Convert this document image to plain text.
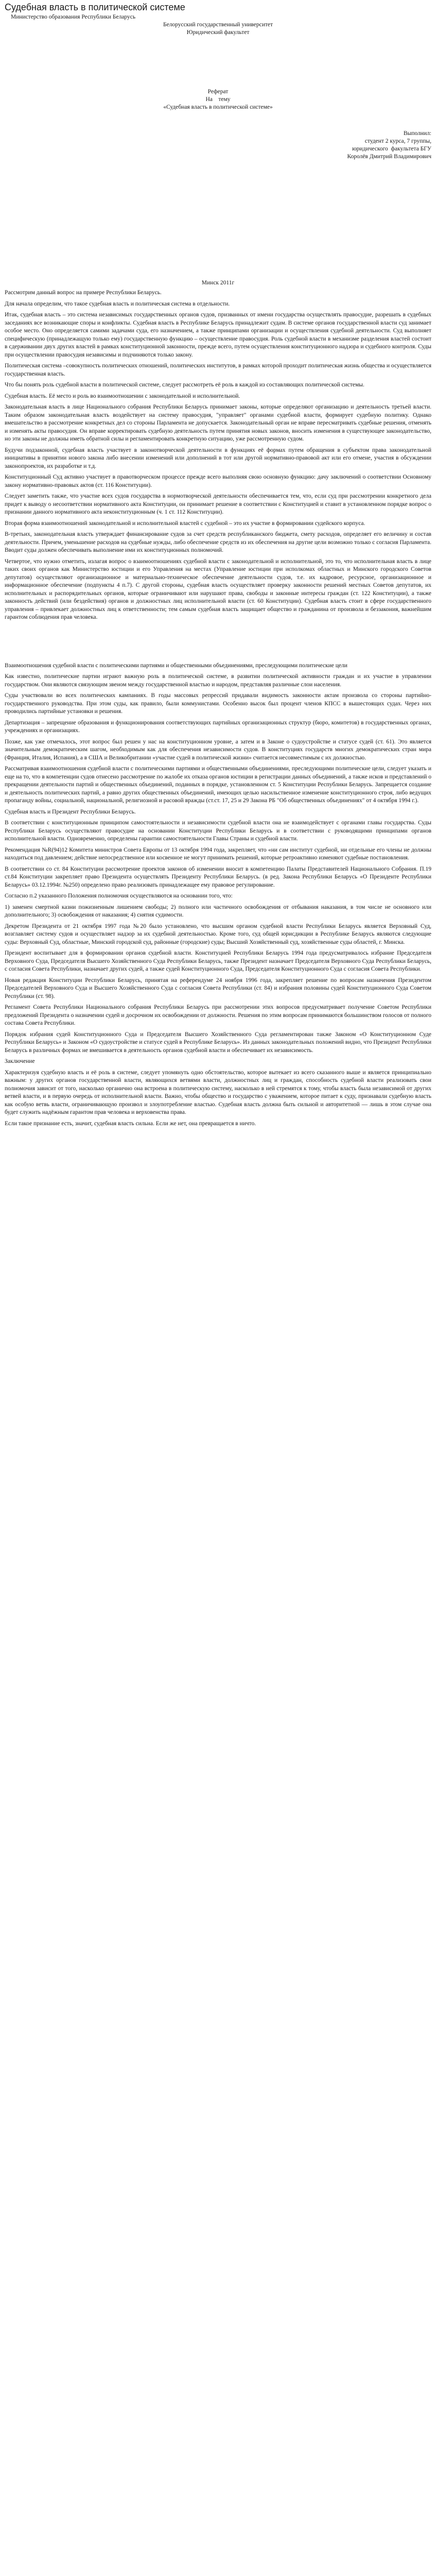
Судебная власть в политической системе

Министерство образования Республики Беларусь

Белорусский государственный университет

Юридический факультет

Реферат

На    тему

«Судебная власть в политической системе»

Выполнил:

студент 2 курса, 7 группы,

юридического  факультета БГУ

Королёв Дмитрий Владимирович

Минск 2011г

Рассмотрим данный вопрос на примере Республики Беларусь.

Для начала определим, что такое судебная власть и политическая система в отдельности.

Итак, судебная власть – это система независимых государственных органов судов, призванных от имени государства осуществлять правосудие, разрешать в судебных заседаниях все возникающие споры и конфликты. Судебная власть в Республике Беларусь принадлежит судам. В системе органов государственной власти суд занимает особое место. Оно определяется самими задачами суда, его назначением, а также принципами организации и осуществления судебной деятельности. Суд выполняет специфическую (принадлежащую только ему) государственную функцию – осуществление правосудия. Роль судебной власти в механизме разделения властей состоит в сдерживании двух других властей в рамках конституционной законности, прежде всего, путем осуществления конституционного надзора и судебного контроля. Суды при осуществлении правосудия независимы и подчиняются только закону.

Политическая система –совокупность политических отношений, политических институтов, в рамках которой проходит политическая жизнь общества и осуществляется государственная власть.

Что бы понять роль судебной власти в политической системе, следует рассмотреть её роль в каждой из составляющих политической системы.

Судебная власть. Её место и роль во взаимоотношении с законодательной и исполнительной.

Законодательная власть в лице Национального собрания Республики Беларусь принимает законы, которые определяют организацию и деятельность третьей власти. Таким образом законодательная власть воздействует на систему правосудия, "управляет" органами судебной власти, формирует судебную политику. Однако вмешательство в рассмотрение конкретных дел со стороны Парламента не допускается. Законодательный орган не вправе пересматривать судебные решения, отменять и изменять акты правосудия. Он вправе корректировать судебную деятельность путем принятия новых законов, вносить изменения в существующее законодательство, но эти законы не должны иметь обратной силы и регламентировать конкретную ситуацию, уже рассмотренную судом.

Будучи подзаконной, судебная власть участвует в законотворческой деятельности в функциях её формах путем обращения в субъектом права законодательной инициативы в принятии нового закона либо внесении изменений или дополнений в тот или другой нормативно-правовой акт или его отмене, участия в обсуждении законопроектов, их разработке и т.д.

Конституционный Суд активно участвует в правотворческом процессе прежде всего выполняя свою основную функцию: дачу заключений о соответствии Основному закону нормативно-правовых актов (ст. 116 Конституции).

Следует заметить также, что участие всех судов государства в нормотворческой деятельности обеспечивается тем, что, если суд при рассмотрении конкретного дела придет к выводу о несоответствии нормативного акта Конституции, он принимает решение в соответствии с Конституцией и ставит в установленном порядке вопрос о признании данного нормативного акта неконституционным (ч. 1 ст. 112 Конституции).

Вторая форма взаимоотношений законодательной и исполнительной властей с судебной – это их участие в формировании судейского корпуса.

В-третьих, законодательная власть утверждает финансирование судов за счет средств республиканского бюджета, смету расходов, определяет его величину и состав деятельности. Причем, уменьшение расходов на судебные нужды, либо обеспечение средств из их обеспечения на другие цели возможно только с согласия Парламента. Вводит суды должен обеспечивать выполнение ими их конституционных полномочий.

Четвертое, что нужно отметить, излагая вопрос о взаимоотношениях судебной власти с законодательной и исполнительной, это то, что исполнительная власть в лице таких своих органов как Министерство юстиции и его Управления на местах (Управление юстиции при исполкомах областных и Минского городского Советов депутатов) осуществляют организационное и материально-техническое обеспечение деятельности судов, т.е. их кадровое, ресурсное, организационное и информационное обеспечение (подпункты 4 п.7). С другой стороны, судебная власть осуществляет проверку законности решений местных Советов депутатов, их исполнительных и распорядительных органов, которые ограничивают или нарушают права, свободы и законные интересы граждан (ст. 122 Конституции), а также законность действий (или бездействия) органов и должностных лиц исполнительной власти (ст. 60 Конституции). Судебная власть стоит в сфере государственного управления – привлекает должностных лиц к ответственности; тем самым судебная власть защищает общество и гражданина от произвола и беззакония, важнейшим гарантом соблюдения прав человека.

Взаимоотношения судебной власти с политическими партиями и общественными объединениями, преследующими политические цели

Как известно, политические партии играют важную роль в политической системе, в развитии политической активности граждан и их участие в управлении государством. Они являются связующим звеном между государственной властью и народом, представляя различные слои населения.

Суды участвовали во всех политических кампаниях. В годы массовых репрессий придавали видимость законности актам произвола со стороны партийно-государственного руководства. При этом суды, как правило, были коммунистами. Особенно высок был процент членов КПСС в вышестоящих судах. Через них проводились партийные установки и решения.

Департизация – запрещение образования и функционирования соответствующих партийных организационных структур (бюро, комитетов) в государственных органах, учреждениях и организациях.

Позже, как уже отмечалось, этот вопрос был решен у нас на конституционном уровне, а затем и в Законе о судоустройстве и статусе судей (ст. 61). Это является значительным демократическим шагом, необходимым как для обеспечения независимости судов. В конституциях государств многих демократических стран мира (Франция, Италия, Испания), а в США и Великобритании «участие судей в политической жизни» считается несовместимым с их должностью.

Рассматривая взаимоотношения судебной власти с политическими партиями и общественными объединениями, преследующими политические цели, следует указать и еще на то, что в компетенции судов отнесено рассмотрение по жалобе их отказа органов юстиции в регистрации данных объединений, а также исков и представлений о прекращении деятельности партий и общественных объединений, поданных в порядке, установленном ст. 5 Конституции Республики Беларусь. Запрещается создание и деятельность политических партий, а равно других общественных объединений, имеющих целью насильственное изменение конституционного строя, либо ведущих пропаганду войны, социальной, национальной, религиозной и расовой вражды (ст.ст. 17, 25 и 29 Закона РБ "Об общественных объединениях" от 4 октября 1994 г.).

Судебная власть и Президент Республики Беларусь.

В соответствии с конституционным принципом самостоятельности и независимости судебной власти она не взаимодействует с органами главы государства. Суды Республики Беларусь осуществляют правосудие на основании Конституции Республики Беларусь и в соответствии с руководящими принципами органов исполнительной власти. Одновременно, определены гарантии самостоятельности Главы Страны и судебной власти.

Рекомендация №R(94)12 Комитета министров Совета Европы от 13 октября 1994 года, закрепляет, что «ни сам институт судебной, ни отдельные его члены не должны находиться под давлением; действие непосредственное или косвенное не могут принимать решений, которые ретроактивно изменяют судебные постановления.

В соответствии со ст. 84 Конституции рассмотрение проектов законов об изменении вносит в компетенцию Палаты Представителей Национального Собрания. П.19 ст.84 Конституции закрепляет право Президента осуществлять Президенту Республики Беларусь. (в ред. Закона Республики Беларусь «О Президенте Республики Беларусь» 03.12.1994г. №250) определено право реализовать принадлежащее ему правовое регулирование.

Согласно п.2 указанного Положения полномочия осуществляются на основании того, что:

1) заменен смертной казни пожизненным лишением свободы; 2) полного или частичного освобождения от отбывания наказания, в том числе не основного или дополнительного; 3) освобождения от наказания; 4) снятия судимости.

Декретом Президента от 21 октября 1997 года №20 было установлено, что высшим органом судебной власти Республики Беларусь является Верховный Суд, возглавляет систему судов и осуществляет надзор за их судебной деятельностью. Кроме того, суд общей юрисдикции в Республике Беларусь являются следующие суды: Верховный Суд, областные, Минский городской суд, районные (городские) суды; Высший Хозяйственный суд, хозяйственные суды областей, г. Минска.

Президент воспитывает для в формировании органов судебной власти. Конституцией Республики Беларусь 1994 года предусматривалось избрание Председателя Верховного Суда, Председателя Высшего Хозяйственного Суда Республики Беларусь, также Президент назначает Председателя Верховного Суда Республики Беларусь, с согласия Совета Республики, назначает других судей, а также судей Конституционного Суда, Председателя Конституционного Суда с согласия Совета Республики.

Новая редакция Конституции Республики Беларусь, принятая на референдуме 24 ноября 1996 года, закрепляет решение по вопросам назначения Президентом Председателей Верховного Суда и Высшего Хозяйственного Суда с согласия Совета Республики (ст. 84) и избрания половины судей Конституционного Суда Советом Республики (ст. 98).

Регламент Совета Республики Национального собрания Республики Беларусь при рассмотрении этих вопросов предусматривает получение Советом Республики предложений Президента о назначении судей и досрочном их освобождении от должности. Решения по этим вопросам принимаются большинством голосов от полного состава Совета Республики.

Порядок избрания судей Конституционного Суда и Председателя Высшего Хозяйственного Суда регламентирован также Законом «О Конституционном Суде Республики Беларусь» и Законом «О судоустройстве и статусе судей в Республике Беларусь». Из данных законодательных положений видно, что Президент Республики Беларусь в различных формах не вмешивается в деятельность органов судебной власти и обеспечивает их независимость.

Заключение

Характеризуя судебную власть и её роль в системе, следует упомянуть одно обстоятельство, которое вытекает из всего сказанного выше и является принципиально важным: у других органов государственной власти, являющихся ветвями власти, должностных лиц и граждан, способность судебной власти реализовать свои полномочия зависит от того, насколько органично она встроена в политическую систему, насколько в ней стремятся к тому, чтобы власть была независимой от других ветвей власти, и в первую очередь от исполнительной власти. Важно, чтобы общество и государство с уважением, которое питает к суду, признавали судебную власть как особую ветвь власти, ограничивающую произвол и злоупотребление властью. Судебная власть должна быть сильной и авторитетной — лишь в этом случае она будет служить надёжным гарантом прав человека и верховенства права.

Если такое признание есть, значит, судебная власть сильна. Если же нет, она превращается в ничто.
